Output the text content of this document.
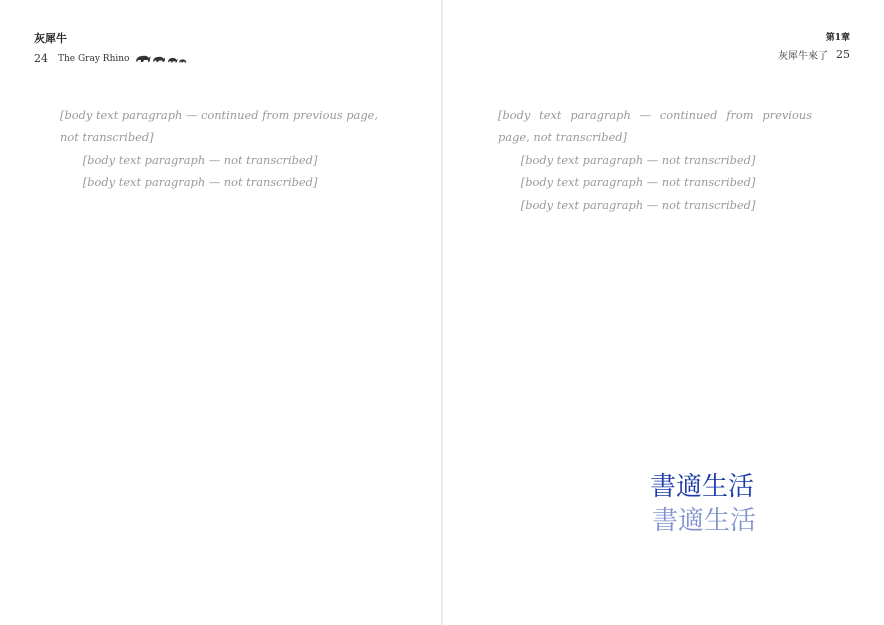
灰犀牛
24 The Gray Rhino

[body text paragraph — continued from previous page, not transcribed]

[body text paragraph — not transcribed]

[body text paragraph — not transcribed]

第1章
灰犀牛來了 25

[body text paragraph — continued from previous page, not transcribed]

[body text paragraph — not transcribed]

[body text paragraph — not transcribed]

[body text paragraph — not transcribed]

書適生活
書適生活
